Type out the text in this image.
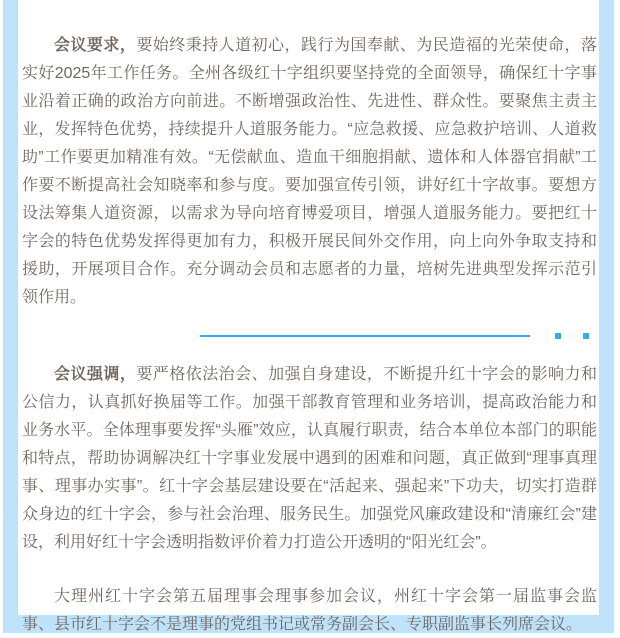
会议要求，要始终秉持人道初心，践行为国奉献、为民造福的光荣使命，落实好2025年工作任务。全州各级红十字组织要坚持党的全面领导，确保红十字事业沿着正确的政治方向前进。不断增强政治性、先进性、群众性。要聚焦主责主业，发挥特色优势，持续提升人道服务能力。“应急救援、应急救护培训、人道救助”工作要更加精准有效。“无偿献血、造血干细胞捐献、遗体和人体器官捐献”工作要不断提高社会知晓率和参与度。要加强宣传引领，讲好红十字故事。要想方设法筹集人道资源，以需求为导向培育博爱项目，增强人道服务能力。要把红十字会的特色优势发挥得更加有力，积极开展民间外交作用，向上向外争取支持和援助，开展项目合作。充分调动会员和志愿者的力量，培树先进典型发挥示范引领作用。

会议强调，要严格依法治会、加强自身建设，不断提升红十字会的影响力和公信力，认真抓好换届等工作。加强干部教育管理和业务培训，提高政治能力和业务水平。全体理事要发挥“头雁”效应，认真履行职责，结合本单位本部门的职能和特点，帮助协调解决红十字事业发展中遇到的困难和问题，真正做到“理事真理事、理事办实事”。红十字会基层建设要在“活起来、强起来”下功夫，切实打造群众身边的红十字会，参与社会治理、服务民生。加强党风廉政建设和“清廉红会”建设，利用好红十字会透明指数评价着力打造公开透明的“阳光红会”。

大理州红十字会第五届理事会理事参加会议，州红十字会第一届监事会监事、县市红十字会不是理事的党组书记或常务副会长、专职副监事长列席会议。
